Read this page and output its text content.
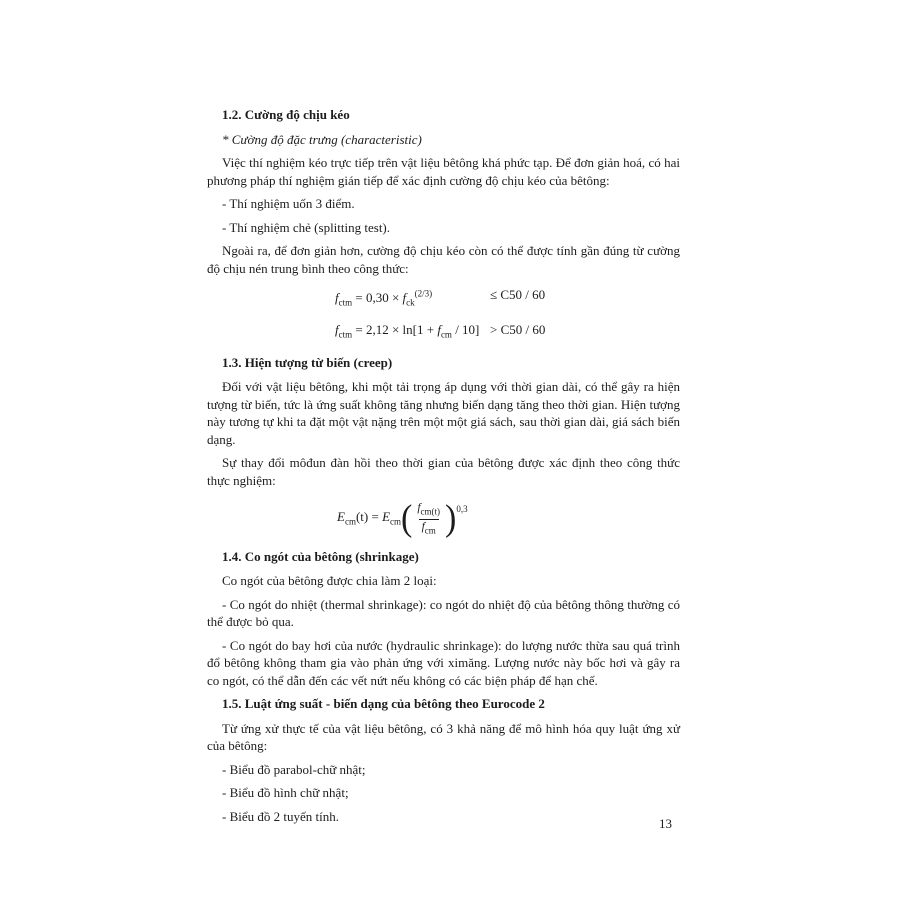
1.2. Cường độ chịu kéo

* Cường độ đặc trưng (characteristic)

Việc thí nghiệm kéo trực tiếp trên vật liệu bêtông khá phức tạp. Để đơn giản hoá, có hai phương pháp thí nghiệm gián tiếp để xác định cường độ chịu kéo của bêtông:

- Thí nghiệm uốn 3 điểm.

- Thí nghiệm chẻ (splitting test).

Ngoài ra, để đơn giản hơn, cường độ chịu kéo còn có thể được tính gần đúng từ cường độ chịu nén trung bình theo công thức:

$f_{ctm} = 0,30 \times f_{ck}^{(2/3)}$	≤ C50 / 60
$f_{ctm} = 2,12 \times \ln[1 + f_{cm} / 10] > C50 / 60$
1.3. Hiện tượng từ biến (creep)

Đối với vật liệu bêtông, khi một tải trọng áp dụng với thời gian dài, có thể gây ra hiện tượng từ biến, tức là ứng suất không tăng nhưng biến dạng tăng theo thời gian. Hiện tượng này tương tự khi ta đặt một vật nặng trên một một giá sách, sau thời gian dài, giá sách biến dạng.

Sự thay đổi môđun đàn hồi theo thời gian của bêtông được xác định theo công thức thực nghiệm:

$E_{cm}(t) = E_{cm}$ ( $\frac{f_{cm(t)}}{f_{cm}}$ ) 0,3
1.4. Co ngót của bêtông (shrinkage)

Co ngót của bêtông được chia làm 2 loại:

- Co ngót do nhiệt (thermal shrinkage): co ngót do nhiệt độ của bêtông thông thường có thể được bỏ qua.

- Co ngót do bay hơi của nước (hydraulic shrinkage): do lượng nước thừa sau quá trình đổ bêtông không tham gia vào phản ứng với ximăng. Lượng nước này bốc hơi và gây ra co ngót, có thể dẫn đến các vết nứt nếu không có các biện pháp để hạn chế.

1.5. Luật ứng suất - biến dạng của bêtông theo Eurocode 2

Từ ứng xử thực tế của vật liệu bêtông, có 3 khả năng để mô hình hóa quy luật ứng xử của bêtông:

- Biểu đồ parabol-chữ nhật;

- Biểu đồ hình chữ nhật;

- Biểu đồ 2 tuyến tính.	13
